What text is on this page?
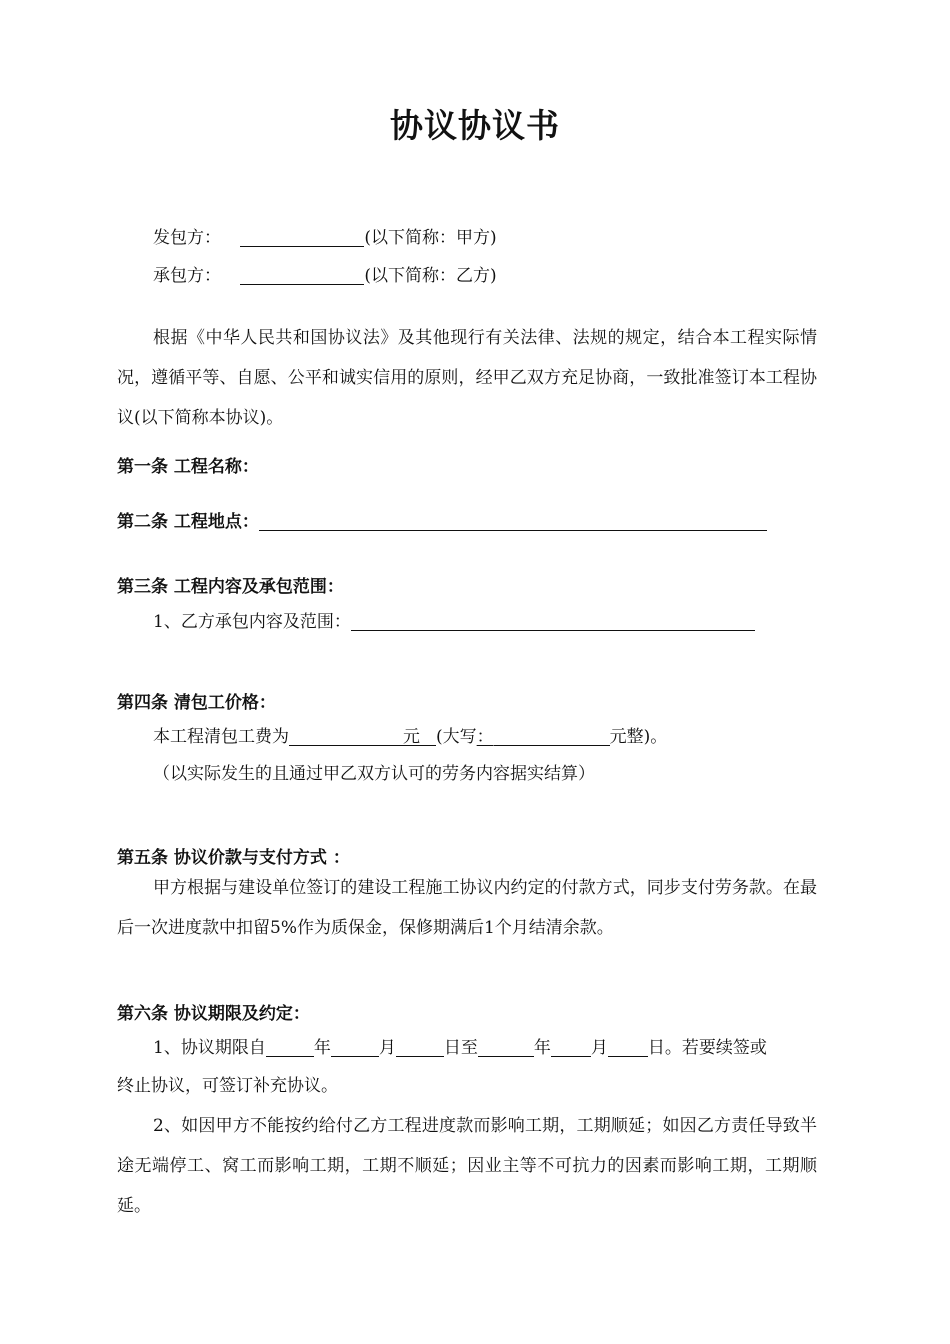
协议协议书
发包方：	(以下简称：甲方)
承包方：	(以下简称：乙方)
根据《中华人民共和国协议法》及其他现行有关法律、法规的规定，结合本工程实际情况，遵循平等、自愿、公平和诚实信用的原则，经甲乙双方充足协商，一致批准签订本工程协议(以下简称本协议)。
第一条 工程名称：
第二条 工程地点：
第三条 工程内容及承包范围：
1、乙方承包内容及范围：
第四条 清包工价格：
本工程清包工费为	元 (大写：	元整)。
（以实际发生的且通过甲乙双方认可的劳务内容据实结算）
第五条 协议价款与支付方式 ：
甲方根据与建设单位签订的建设工程施工协议内约定的付款方式，同步支付劳务款。在最后一次进度款中扣留5%作为质保金，保修期满后1个月结清余款。
第六条 协议期限及约定：
1、协议期限自	年	月	日至	年 月 日。若要续签或
终止协议，可签订补充协议。
2、如因甲方不能按约给付乙方工程进度款而影响工期，工期顺延；如因乙方责任导致半途无端停工、窝工而影响工期，工期不顺延；因业主等不可抗力的因素而影响工期，工期顺延。
